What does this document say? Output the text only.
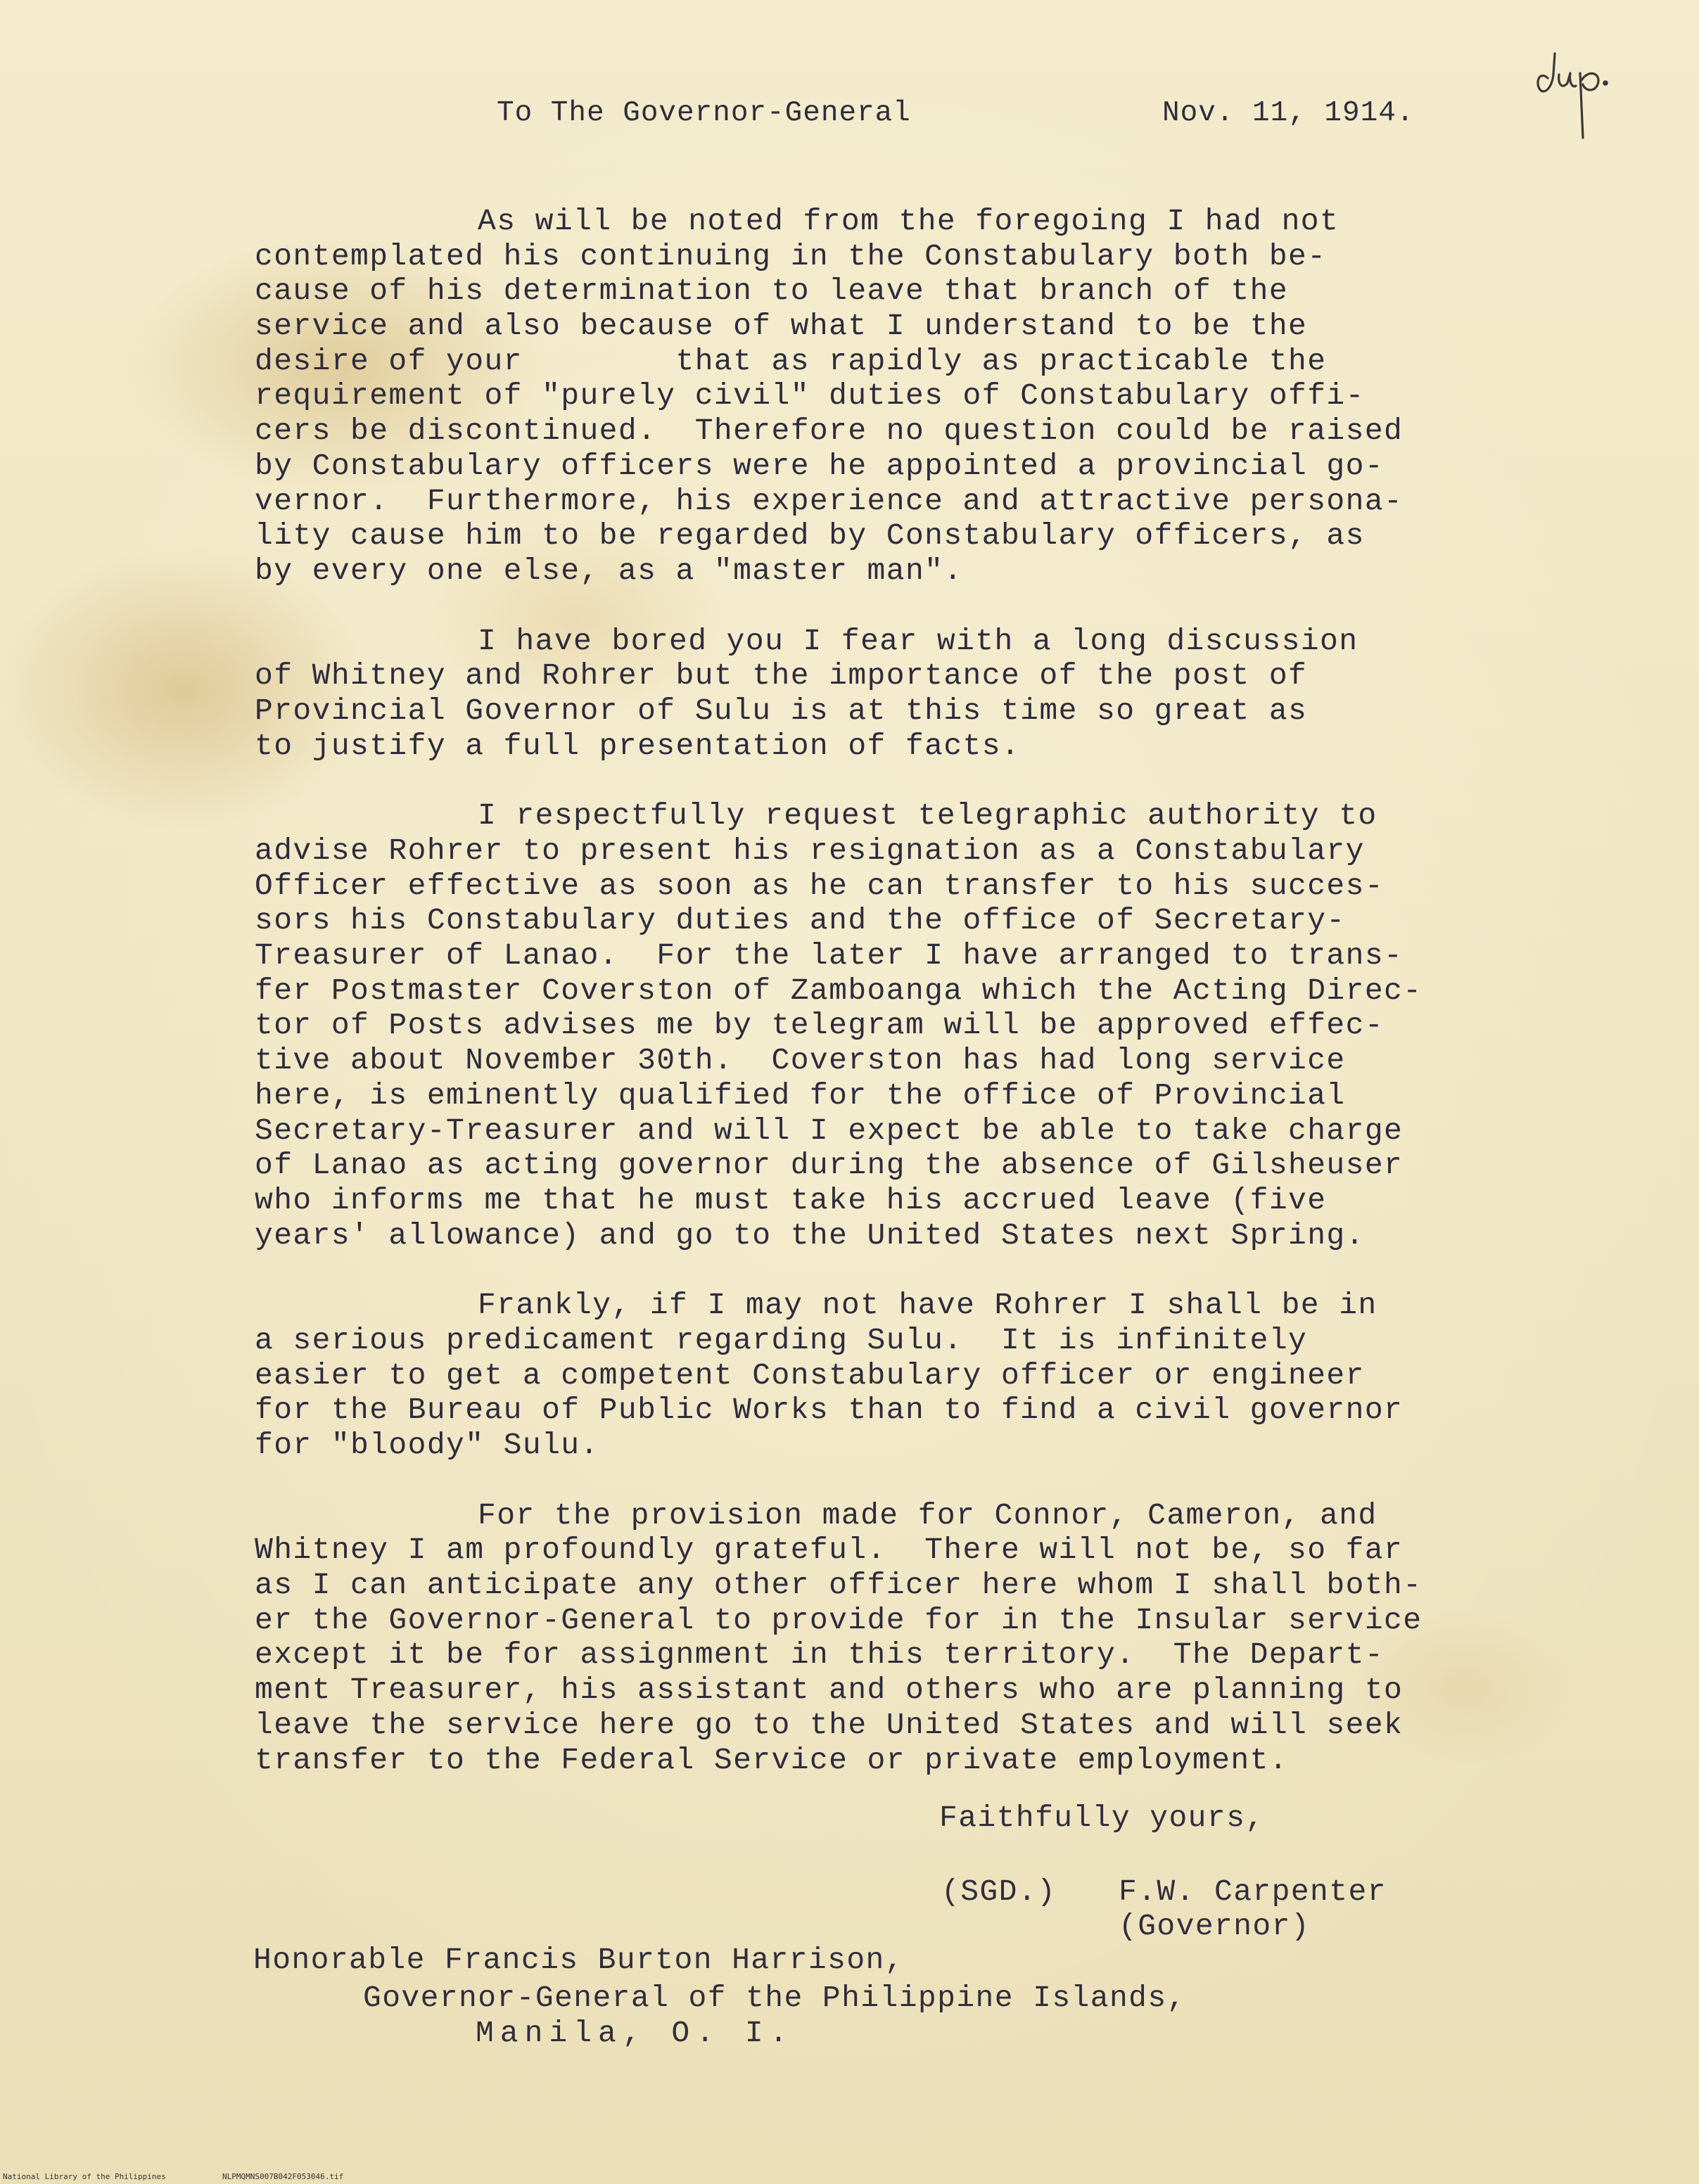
To The Governor-General	Nov. 11, 1914.
As will be noted from the foregoing I had not
contemplated his continuing in the Constabulary both be-
cause of his determination to leave that branch of the
service and also because of what I understand to be the
desire of your        that as rapidly as practicable the
requirement of "purely civil" duties of Constabulary offi-
cers be discontinued.  Therefore no question could be raised
by Constabulary officers were he appointed a provincial go-
vernor.  Furthermore, his experience and attractive persona-
lity cause him to be regarded by Constabulary officers, as
by every one else, as a "master man".
I have bored you I fear with a long discussion
of Whitney and Rohrer but the importance of the post of
Provincial Governor of Sulu is at this time so great as
to justify a full presentation of facts.
I respectfully request telegraphic authority to
advise Rohrer to present his resignation as a Constabulary
Officer effective as soon as he can transfer to his succes-
sors his Constabulary duties and the office of Secretary-
Treasurer of Lanao.  For the later I have arranged to trans-
fer Postmaster Coverston of Zamboanga which the Acting Direc-
tor of Posts advises me by telegram will be approved effec-
tive about November 30th.  Coverston has had long service
here, is eminently qualified for the office of Provincial
Secretary-Treasurer and will I expect be able to take charge
of Lanao as acting governor during the absence of Gilsheuser
who informs me that he must take his accrued leave (five
years' allowance) and go to the United States next Spring.
Frankly, if I may not have Rohrer I shall be in
a serious predicament regarding Sulu.  It is infinitely
easier to get a competent Constabulary officer or engineer
for the Bureau of Public Works than to find a civil governor
for "bloody" Sulu.
For the provision made for Connor, Cameron, and
Whitney I am profoundly grateful.  There will not be, so far
as I can anticipate any other officer here whom I shall both-
er the Governor-General to provide for in the Insular service
except it be for assignment in this territory.  The Depart-
ment Treasurer, his assistant and others who are planning to
leave the service here go to the United States and will seek
transfer to the Federal Service or private employment.
Faithfully yours,
(SGD.) F.W. Carpenter
(Governor)
Honorable Francis Burton Harrison,
Governor-General of the Philippine Islands,
Manila, O. I.
National Library of the Philippines	NLPMQMNS007B042F053046.tif
